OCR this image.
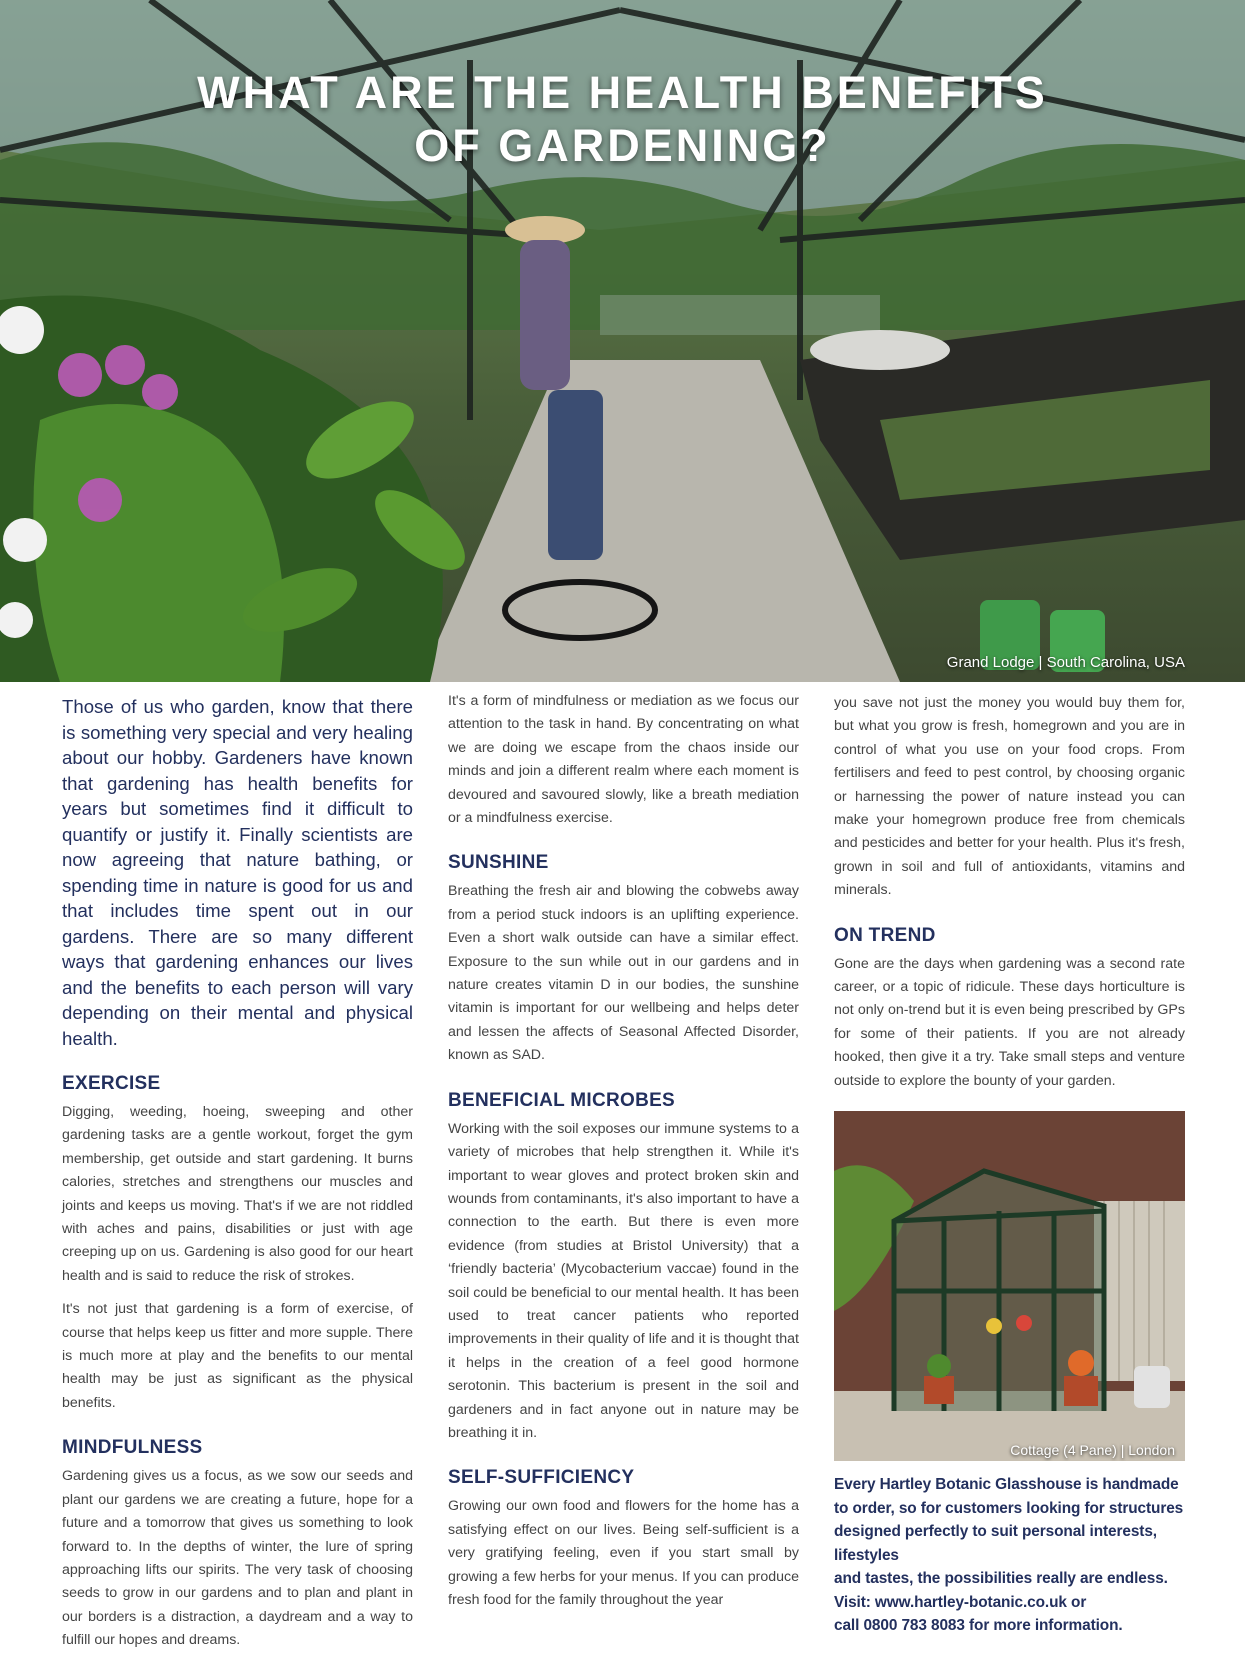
WHAT ARE THE HEALTH BENEFITS
OF GARDENING?
Grand Lodge | South Carolina, USA

Those of us who garden, know that there is something very special and very healing about our hobby. Gardeners have known that gardening has health benefits for years but sometimes find it difficult to quantify or justify it. Finally scientists are now agreeing that nature bathing, or spending time in nature is good for us and that includes time spent out in our gardens. There are so many different ways that gardening enhances our lives and the benefits to each person will vary depending on their mental and physical health.

EXERCISE

Digging, weeding, hoeing, sweeping and other gardening tasks are a gentle workout, forget the gym membership, get outside and start gardening. It burns calories, stretches and strengthens our muscles and joints and keeps us moving. That's if we are not riddled with aches and pains, disabilities or just with age creeping up on us. Gardening is also good for our heart health and is said to reduce the risk of strokes.

It's not just that gardening is a form of exercise, of course that helps keep us fitter and more supple. There is much more at play and the benefits to our mental health may be just as significant as the physical benefits.

MINDFULNESS

Gardening gives us a focus, as we sow our seeds and plant our gardens we are creating a future, hope for a future and a tomorrow that gives us something to look forward to. In the depths of winter, the lure of spring approaching lifts our spirits. The very task of choosing seeds to grow in our gardens and to plan and plant in our borders is a distraction, a daydream and a way to fulfill our hopes and dreams.

It's a form of mindfulness or mediation as we focus our attention to the task in hand. By concentrating on what we are doing we escape from the chaos inside our minds and join a different realm where each moment is devoured and savoured slowly, like a breath mediation or a mindfulness exercise.

SUNSHINE

Breathing the fresh air and blowing the cobwebs away from a period stuck indoors is an uplifting experience. Even a short walk outside can have a similar effect. Exposure to the sun while out in our gardens and in nature creates vitamin D in our bodies, the sunshine vitamin is important for our wellbeing and helps deter and lessen the affects of Seasonal Affected Disorder, known as SAD.

BENEFICIAL MICROBES

Working with the soil exposes our immune systems to a variety of microbes that help strengthen it. While it's important to wear gloves and protect broken skin and wounds from contaminants, it's also important to have a connection to the earth. But there is even more evidence (from studies at Bristol University) that a ‘friendly bacteria’ (Mycobacterium vaccae) found in the soil could be beneficial to our mental health. It has been used to treat cancer patients who reported improvements in their quality of life and it is thought that it helps in the creation of a feel good hormone serotonin. This bacterium is present in the soil and gardeners and in fact anyone out in nature may be breathing it in.

SELF-SUFFICIENCY

Growing our own food and flowers for the home has a satisfying effect on our lives. Being self-sufficient is a very gratifying feeling, even if you start small by growing a few herbs for your menus. If you can produce fresh food for the family throughout the year

you save not just the money you would buy them for, but what you grow is fresh, homegrown and you are in control of what you use on your food crops. From fertilisers and feed to pest control, by choosing organic or harnessing the power of nature instead you can make your homegrown produce free from chemicals and pesticides and better for your health. Plus it's fresh, grown in soil and full of antioxidants, vitamins and minerals.

ON TREND

Gone are the days when gardening was a second rate career, or a topic of ridicule. These days horticulture is not only on-trend but it is even being prescribed by GPs for some of their patients. If you are not already hooked, then give it a try. Take small steps and venture outside to explore the bounty of your garden.

Cottage (4 Pane) | London

Every Hartley Botanic Glasshouse is handmade
to order, so for customers looking for structures
designed perfectly to suit personal interests, lifestyles
and tastes, the possibilities really are endless.
Visit: www.hartley-botanic.co.uk or
call 0800 783 8083 for more information.
